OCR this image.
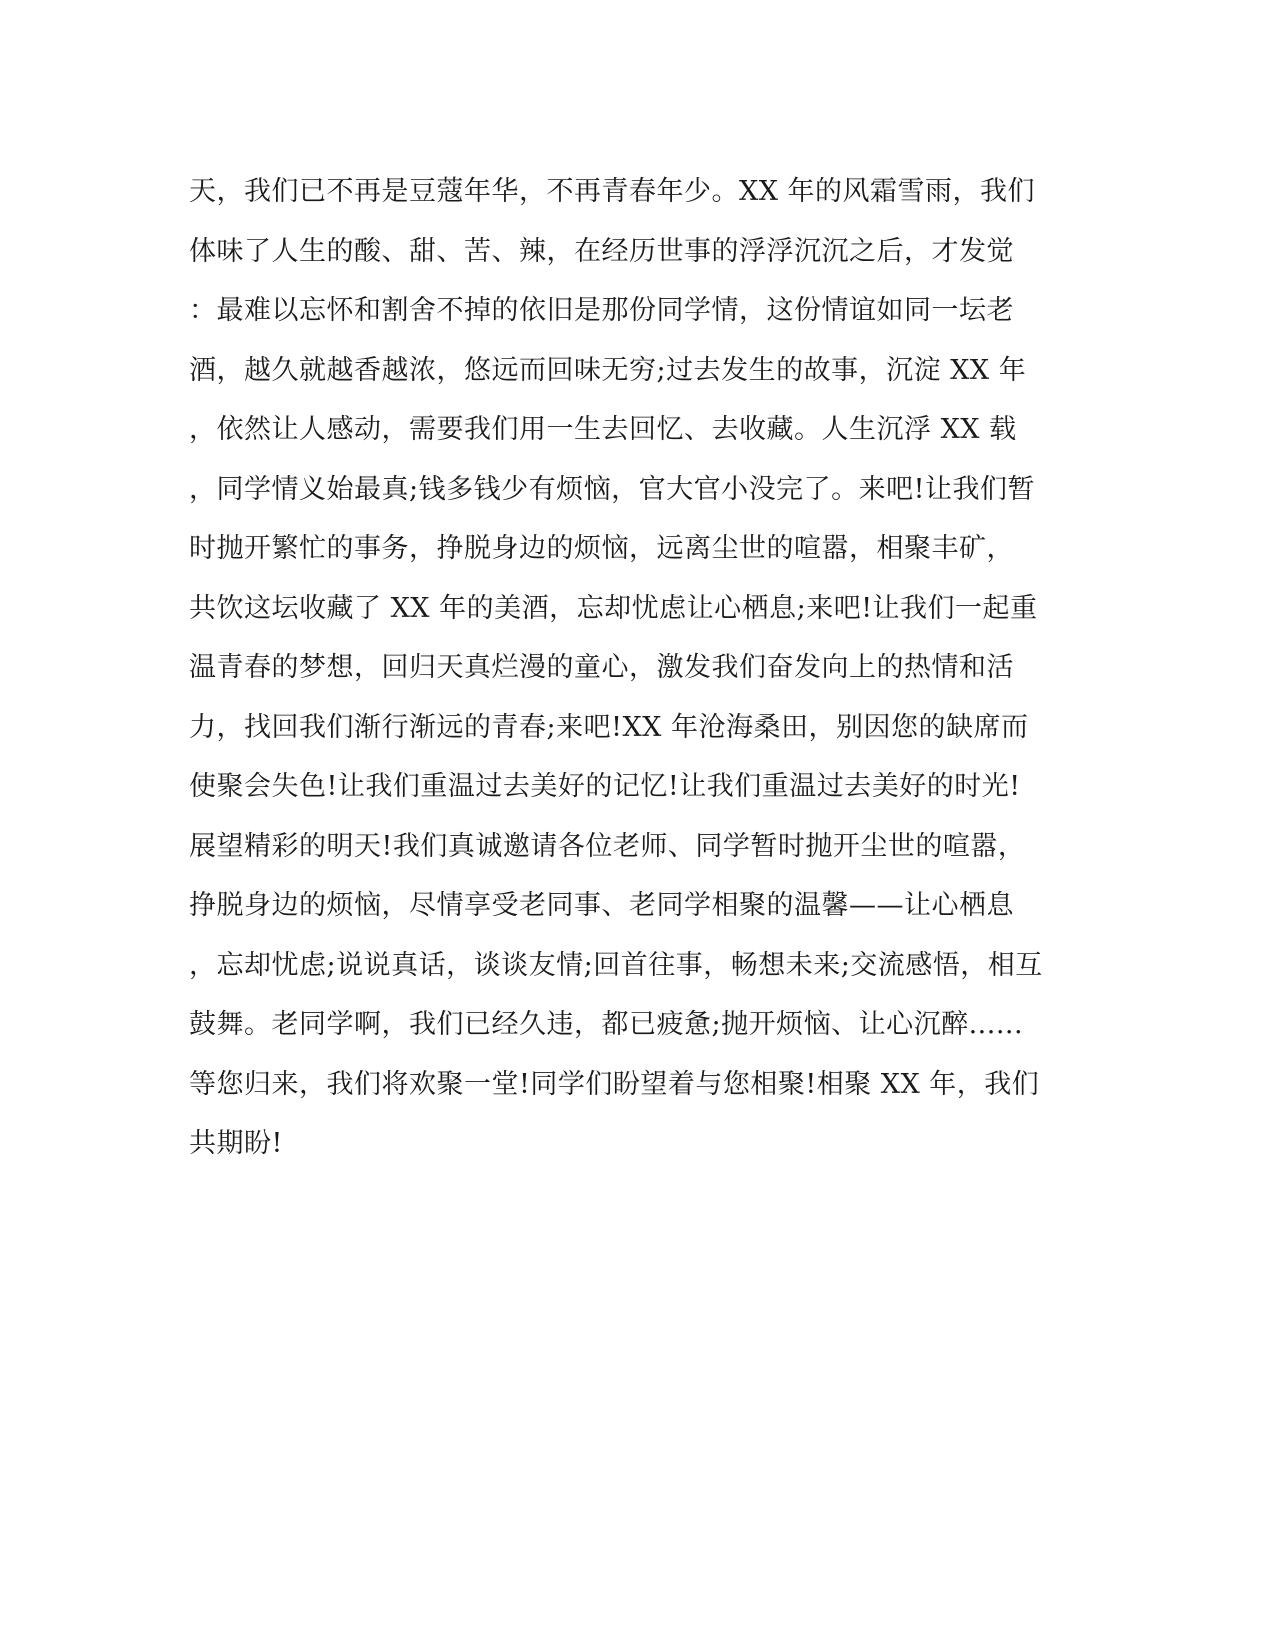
天，我们已不再是豆蔻年华，不再青春年少。XX 年的风霜雪雨，我们
体味了人生的酸、甜、苦、辣，在经历世事的浮浮沉沉之后，才发觉
：最难以忘怀和割舍不掉的依旧是那份同学情，这份情谊如同一坛老
酒，越久就越香越浓，悠远而回味无穷;过去发生的故事，沉淀 XX 年
，依然让人感动，需要我们用一生去回忆、去收藏。人生沉浮 XX 载
，同学情义始最真;钱多钱少有烦恼，官大官小没完了。来吧!让我们暂
时抛开繁忙的事务，挣脱身边的烦恼，远离尘世的喧嚣，相聚丰矿，
共饮这坛收藏了 XX 年的美酒，忘却忧虑让心栖息;来吧!让我们一起重
温青春的梦想，回归天真烂漫的童心，激发我们奋发向上的热情和活
力，找回我们渐行渐远的青春;来吧!XX 年沧海桑田，别因您的缺席而
使聚会失色!让我们重温过去美好的记忆!让我们重温过去美好的时光!
展望精彩的明天!我们真诚邀请各位老师、同学暂时抛开尘世的喧嚣，
挣脱身边的烦恼，尽情享受老同事、老同学相聚的温馨——让心栖息
，忘却忧虑;说说真话，谈谈友情;回首往事，畅想未来;交流感悟，相互
鼓舞。老同学啊，我们已经久违，都已疲惫;抛开烦恼、让心沉醉......
等您归来，我们将欢聚一堂!同学们盼望着与您相聚!相聚 XX 年，我们
共期盼!
